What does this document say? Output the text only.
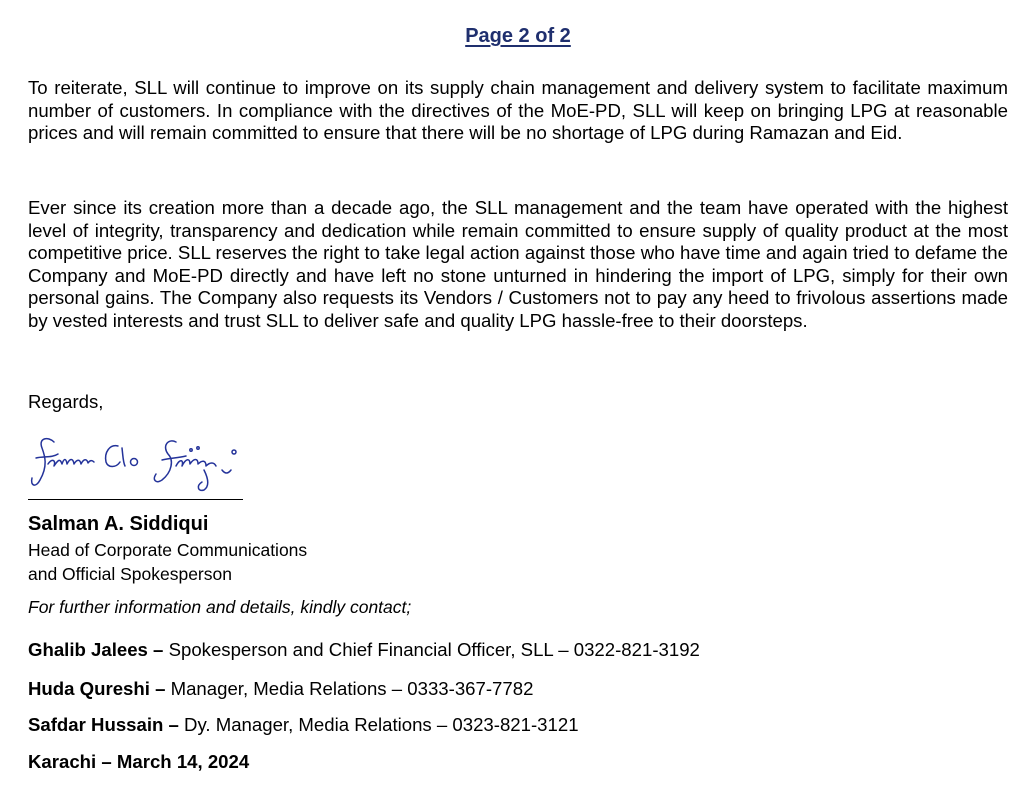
Page 2 of 2

To reiterate, SLL will continue to improve on its supply chain management and delivery system to facilitate maximum number of customers. In compliance with the directives of the MoE-PD, SLL will keep on bringing LPG at reasonable prices and will remain committed to ensure that there will be no shortage of LPG during Ramazan and Eid.

Ever since its creation more than a decade ago, the SLL management and the team have operated with the highest level of integrity, transparency and dedication while remain committed to ensure supply of quality product at the most competitive price. SLL reserves the right to take legal action against those who have time and again tried to defame the Company and MoE-PD directly and have left no stone unturned in hindering the import of LPG, simply for their own personal gains. The Company also requests its Vendors / Customers not to pay any heed to frivolous assertions made by vested interests and trust SLL to deliver safe and quality LPG hassle-free to their doorsteps.

Regards,

Salman A. Siddiqui

Head of Corporate Communications

and Official Spokesperson

For further information and details, kindly contact;

Ghalib Jalees – Spokesperson and Chief Financial Officer, SLL – 0322-821-3192

Huda Qureshi – Manager, Media Relations – 0333-367-7782

Safdar Hussain – Dy. Manager, Media Relations – 0323-821-3121

Karachi – March 14, 2024
